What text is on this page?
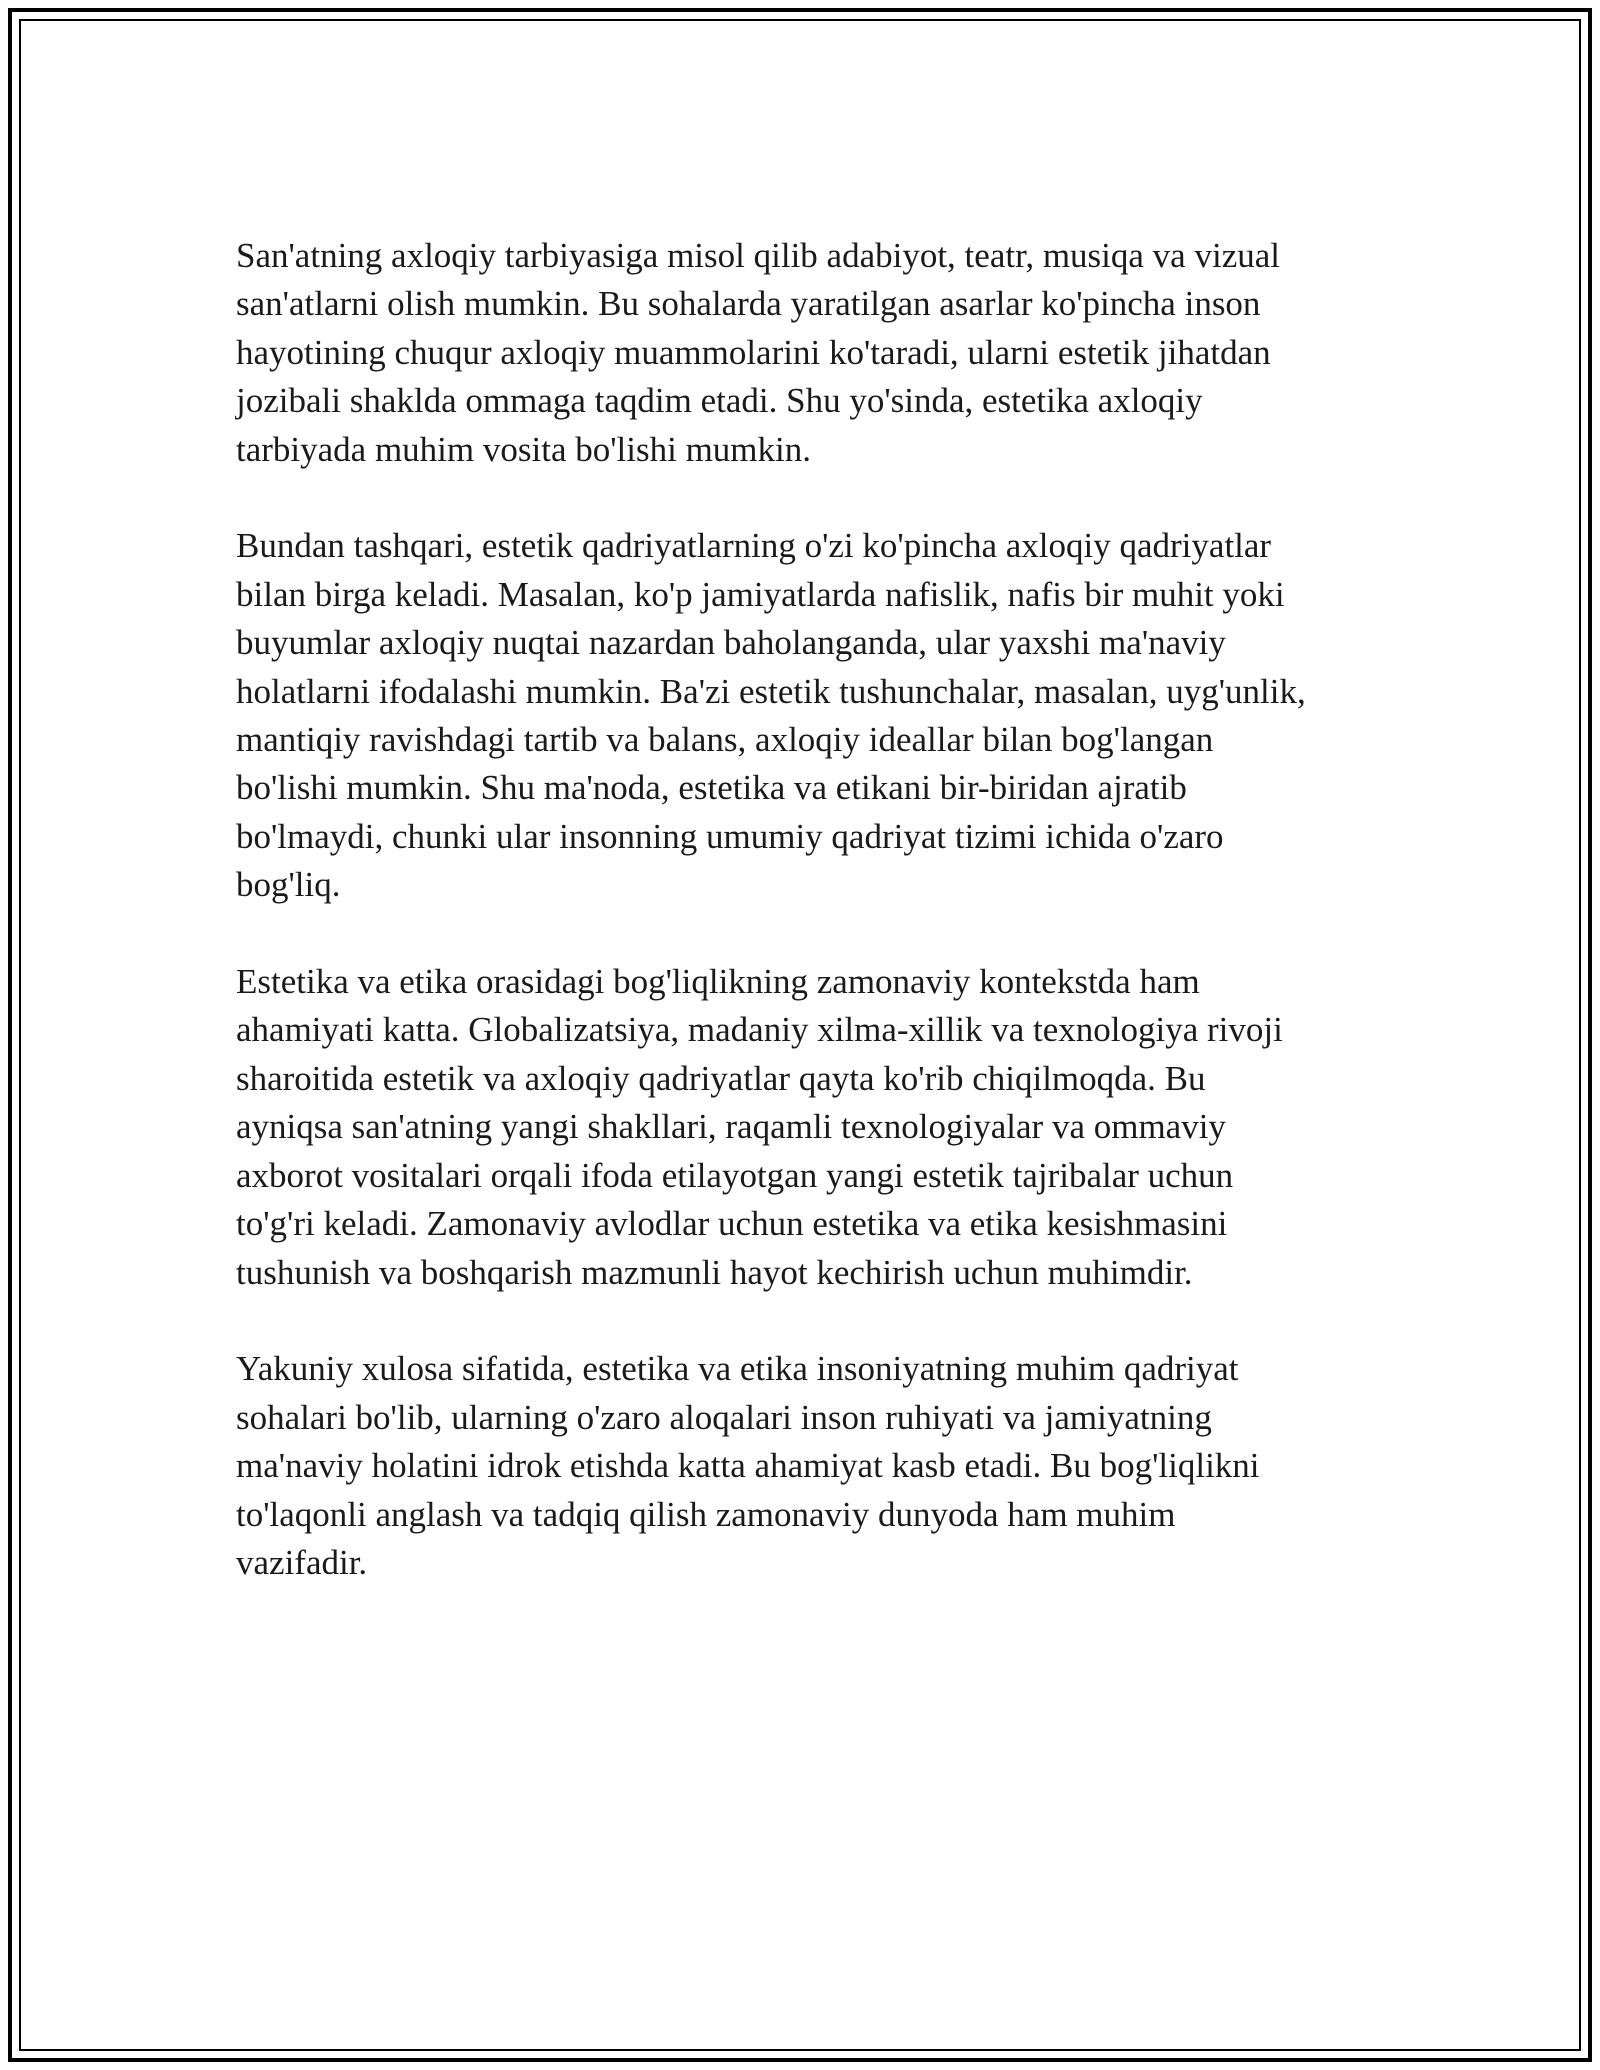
San'atning axloqiy tarbiyasiga misol qilib adabiyot, teatr, musiqa va vizual
san'atlarni olish mumkin. Bu sohalarda yaratilgan asarlar ko'pincha inson
hayotining chuqur axloqiy muammolarini ko'taradi, ularni estetik jihatdan
jozibali shaklda ommaga taqdim etadi. Shu yo'sinda, estetika axloqiy
tarbiyada muhim vosita bo'lishi mumkin.

Bundan tashqari, estetik qadriyatlarning o'zi ko'pincha axloqiy qadriyatlar
bilan birga keladi. Masalan, ko'p jamiyatlarda nafislik, nafis bir muhit yoki
buyumlar axloqiy nuqtai nazardan baholanganda, ular yaxshi ma'naviy
holatlarni ifodalashi mumkin. Ba'zi estetik tushunchalar, masalan, uyg'unlik,
mantiqiy ravishdagi tartib va balans, axloqiy ideallar bilan bog'langan
bo'lishi mumkin. Shu ma'noda, estetika va etikani bir-biridan ajratib
bo'lmaydi, chunki ular insonning umumiy qadriyat tizimi ichida o'zaro
bog'liq.

Estetika va etika orasidagi bog'liqlikning zamonaviy kontekstda ham
ahamiyati katta. Globalizatsiya, madaniy xilma-xillik va texnologiya rivoji
sharoitida estetik va axloqiy qadriyatlar qayta ko'rib chiqilmoqda. Bu
ayniqsa san'atning yangi shakllari, raqamli texnologiyalar va ommaviy
axborot vositalari orqali ifoda etilayotgan yangi estetik tajribalar uchun
to'g'ri keladi. Zamonaviy avlodlar uchun estetika va etika kesishmasini
tushunish va boshqarish mazmunli hayot kechirish uchun muhimdir.

Yakuniy xulosa sifatida, estetika va etika insoniyatning muhim qadriyat
sohalari bo'lib, ularning o'zaro aloqalari inson ruhiyati va jamiyatning
ma'naviy holatini idrok etishda katta ahamiyat kasb etadi. Bu bog'liqlikni
to'laqonli anglash va tadqiq qilish zamonaviy dunyoda ham muhim
vazifadir.
